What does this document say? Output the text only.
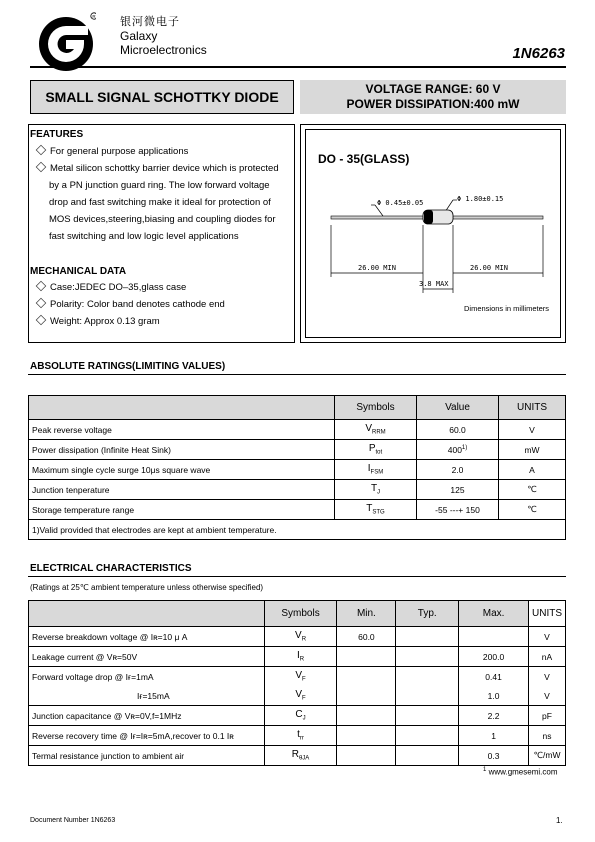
R 银河微电子
Galaxy
Microelectronics	1N6263
SMALL SIGNAL SCHOTTKY DIODE	VOLTAGE RANGE: 60 V
POWER DISSIPATION:400 mW
FEATURES
For general purpose applications
Metal silicon schottky barrier device which is protected
by a PN junction guard ring. The low forward voltage
drop and fast switching make it ideal for protection of
MOS devices,steering,biasing and coupling diodes for
fast switching and low logic level applications
MECHANICAL DATA
Case:JEDEC DO–35,glass case
Polarity: Color band denotes cathode end
Weight: Approx 0.13 gram
DO - 35(GLASS)
Φ 0.45±0.05	Φ 1.80±0.15
26.00 MIN	26.00 MIN
3.8 MAX
Dimensions in millimeters
ABSOLUTE RATINGS(LIMITING VALUES)
	Symbols	Value	UNITS
Peak reverse voltage	$V_{RRM}$	60.0	V
Power dissipation (Infinite Heat Sink)	$P_{tot}$	400$^{1)}$	mW
Maximum single cycle surge 10μs square wave	$I_{FSM}$	2.0	A
Junction tenperature	$T_J$	125	℃
Storage temperature range	$T_{STG}$	-55 ---+ 150	℃
1)Valid provided that electrodes are kept at ambient temperature.			
ELECTRICAL CHARACTERISTICS
(Ratings at 25℃ ambient temperature unless otherwise specified)
	Symbols	Min.	Typ.	Max.	UNITS
Reverse breakdown voltage @ Iʀ=10 μ A	$V_R$	60.0			V
Leakage current @ Vʀ=50V	$I_R$			200.0	nA
Forward voltage drop @ Iғ=1mA	$V_F$			0.41	V
Iғ=15mA	$V_F$			1.0	V
Junction capacitance @ Vʀ=0V,f=1MHz	$C_J$			2.2	pF
Reverse recovery time @ Iғ=Iʀ=5mA,recover to 0.1 Iʀ	$t_{rr}$			1	ns
Termal resistance junction to ambient air	$R_{\theta JA}$			0.3	℃/mW
$^1$ www.gmesemi.com
Document Number 1N6263	1.
